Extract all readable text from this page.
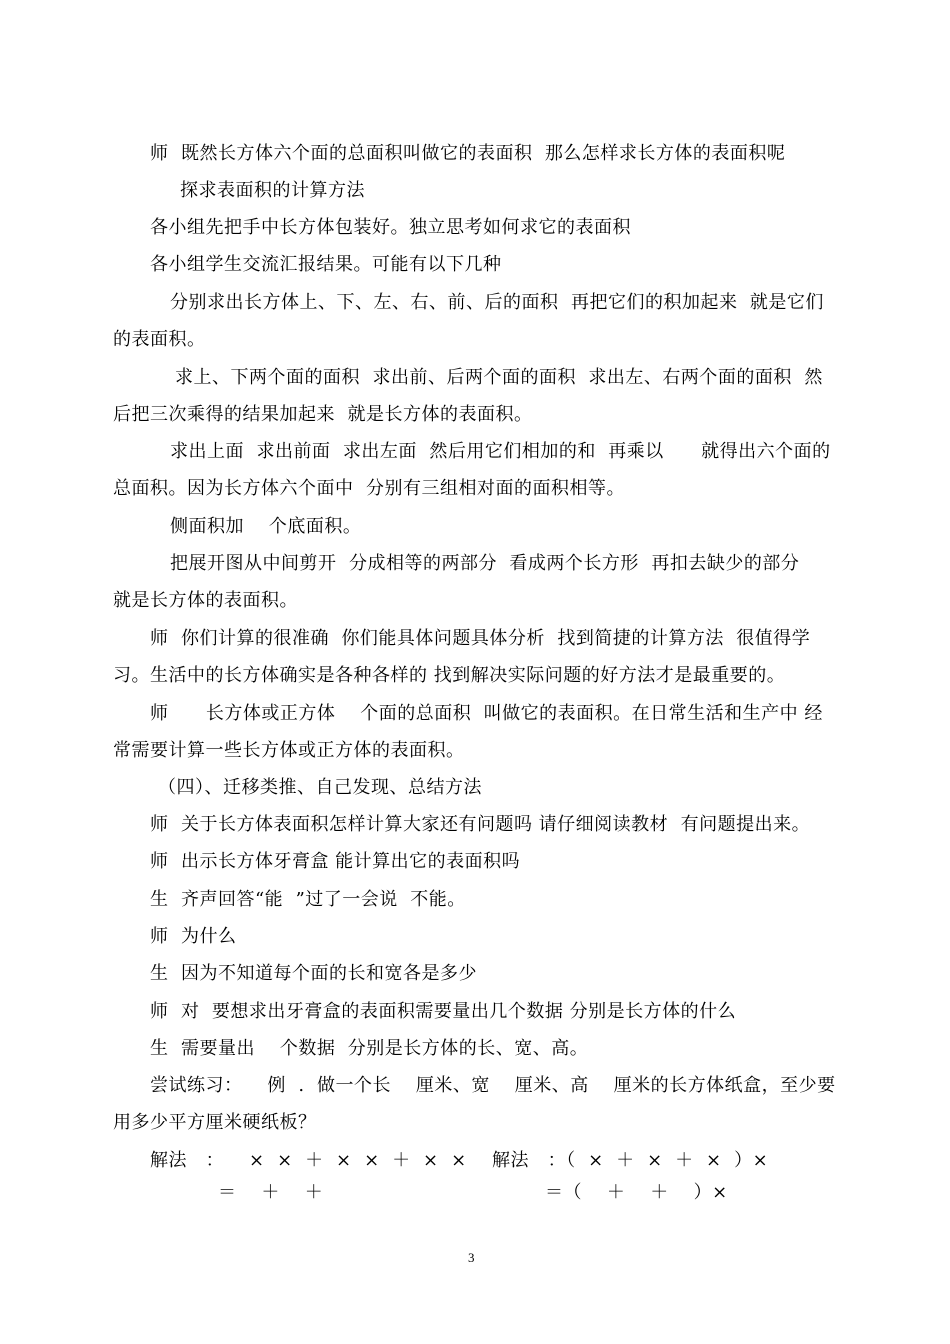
师  既然长方体六个面的总面积叫做它的表面积  那么怎样求长方体的表面积呢
探求表面积的计算方法
各小组先把手中长方体包装好。独立思考如何求它的表面积
各小组学生交流汇报结果。可能有以下几种
分别求出长方体上、下、左、右、前、后的面积  再把它们的积加起来  就是它们
的表面积。
求上、下两个面的面积  求出前、后两个面的面积  求出左、右两个面的面积  然
后把三次乘得的结果加起来  就是长方体的表面积。
求出上面  求出前面  求出左面  然后用它们相加的和  再乘以      就得出六个面的
总面积。因为长方体六个面中  分别有三组相对面的面积相等。
侧面积加    个底面积。
把展开图从中间剪开  分成相等的两部分  看成两个长方形  再扣去缺少的部分
就是长方体的表面积。
师  你们计算的很准确  你们能具体问题具体分析  找到简捷的计算方法  很值得学
习。生活中的长方体确实是各种各样的 找到解决实际问题的好方法才是最重要的。
师      长方体或正方体    个面的总面积  叫做它的表面积。在日常生活和生产中 经
常需要计算一些长方体或正方体的表面积。
（四）、迁移类推、自己发现、总结方法
师  关于长方体表面积怎样计算大家还有问题吗 请仔细阅读教材  有问题提出来。
师  出示长方体牙膏盒 能计算出它的表面积吗
生  齐声回答“能  ”过了一会说  不能。
师  为什么
生  因为不知道每个面的长和宽各是多少
师  对  要想求出牙膏盒的表面积需要量出几个数据 分别是长方体的什么
生  需要量出    个数据  分别是长方体的长、宽、高。
尝试练习：    例  .  做一个长    厘米、宽    厘米、高    厘米的长方体纸盒，至少要
用多少平方厘米硬纸板？
解法   ：    ×  ×  ＋  ×  ×  ＋  ×  ×
＝    ＋    ＋
解法   ：（  ×  ＋  ×  ＋  ×  ）×
＝（    ＋    ＋    ）×
3
